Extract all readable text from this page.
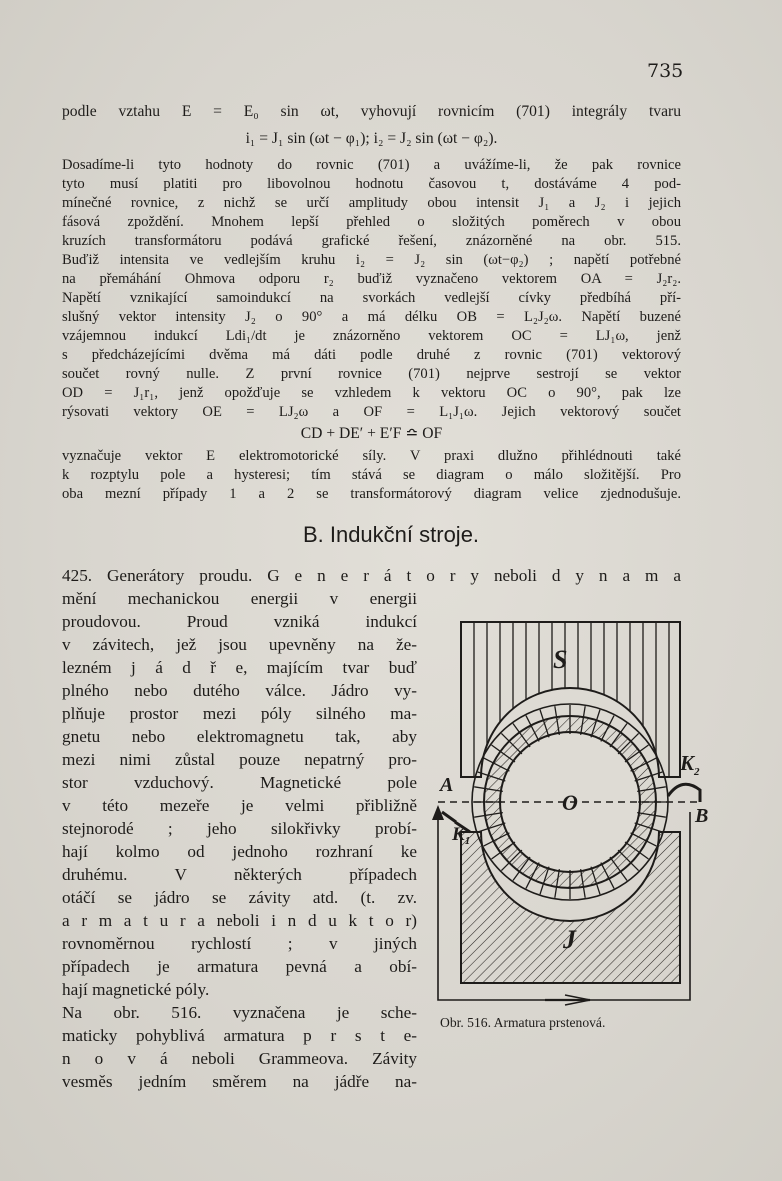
735
podle vztahu E = E₀ sin ωt, vyhovují rovnicím (701) integrály tvaru
i₁ = J₁ sin (ωt − φ₁); i₂ = J₂ sin (ωt − φ₂).
Dosadíme-li tyto hodnoty do rovnic (701) a uvážíme-li, že pak rovnice
tyto musí platiti pro libovolnou hodnotu časovou t, dostáváme 4 pod-
mínečné rovnice, z nichž se určí amplitudy obou intensit J₁ a J₂ i jejich
fásová zpoždění. Mnohem lepší přehled o složitých poměrech v obou
kruzích transformátoru podává grafické řešení, znázorněné na obr. 515.
Buďiž intensita ve vedlejším kruhu i₂ = J₂ sin (ωt−φ₂) ; napětí potřebné
na přemáhání Ohmova odporu r₂ buďiž vyznačeno vektorem OA = J₂r₂.
Napětí vznikající samoindukcí na svorkách vedlejší cívky předbíhá pří-
slušný vektor intensity J₂ o 90° a má délku OB = L₂J₂ω. Napětí buzené
vzájemnou indukcí Ldi₁/dt je znázorněno vektorem OC = LJ₁ω, jenž
s předcházejícími dvěma má dáti podle druhé z rovnic (701) vektorový
součet rovný nulle. Z první rovnice (701) nejprve sestrojí se vektor
OD = J₁r₁, jenž opožďuje se vzhledem k vektoru OC o 90°, pak lze
rýsovati vektory OE = LJ₂ω a OF = L₁J₁ω. Jejich vektorový součet
CD + DE′ + E′F ≏ OF
vyznačuje vektor E elektromotorické síly. V praxi dlužno přihlédnouti také
k rozptylu pole a hysteresi; tím stává se diagram o málo složitější. Pro
oba mezní případy 1 a 2 se transformátorový diagram velice zjednodušuje.
B. Indukční stroje.
425. Generátory proudu. G e n e r á t o r y neboli d y n a m a
mění mechanickou energii v energii
proudovou. Proud vzniká indukcí
v závitech, jež jsou upevněny na že-
lezném j á d ř e, majícím tvar buď
plného nebo dutého válce. Jádro vy-
plňuje prostor mezi póly silného ma-
gnetu nebo elektromagnetu tak, aby
mezi nimi zůstal pouze nepatrný pro-
stor vzduchový. Magnetické pole
v této mezeře je velmi přibližně
stejnorodé ; jeho silokřivky probí-
hají kolmo od jednoho rozhraní ke
druhému. V některých případech
otáčí se jádro se závity atd. (t. zv.
a r m a t u r a neboli i n d u k t o r)
rovnoměrnou rychlostí ; v jiných
případech je armatura pevná a obí-
hají magnetické póly.
Na obr. 516. vyznačena je sche-
maticky pohyblivá armatura p r s t e-
n o v á neboli Grammeova. Závity
vesměs jedním směrem na jádře na-
S
J
A
B
O
$K_1$
$K_2$
Obr. 516. Armatura prstenová.
